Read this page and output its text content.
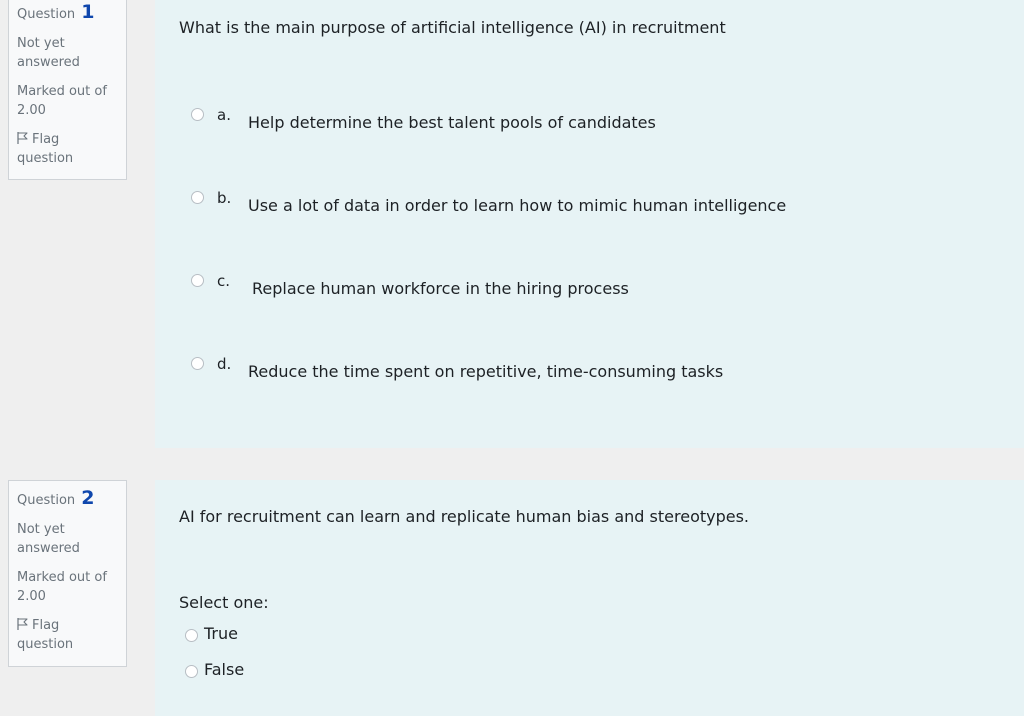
Question 1
Not yet
answered
Marked out of
2.00
Flag
question
What is the main purpose of artificial intelligence (AI) in recruitment
a. Help determine the best talent pools of candidates
b. Use a lot of data in order to learn how to mimic human intelligence
c. Replace human workforce in the hiring process
d. Reduce the time spent on repetitive, time-consuming tasks
Question 2
Not yet
answered
Marked out of
2.00
Flag
question
AI for recruitment can learn and replicate human bias and stereotypes.
Select one:
True
False
